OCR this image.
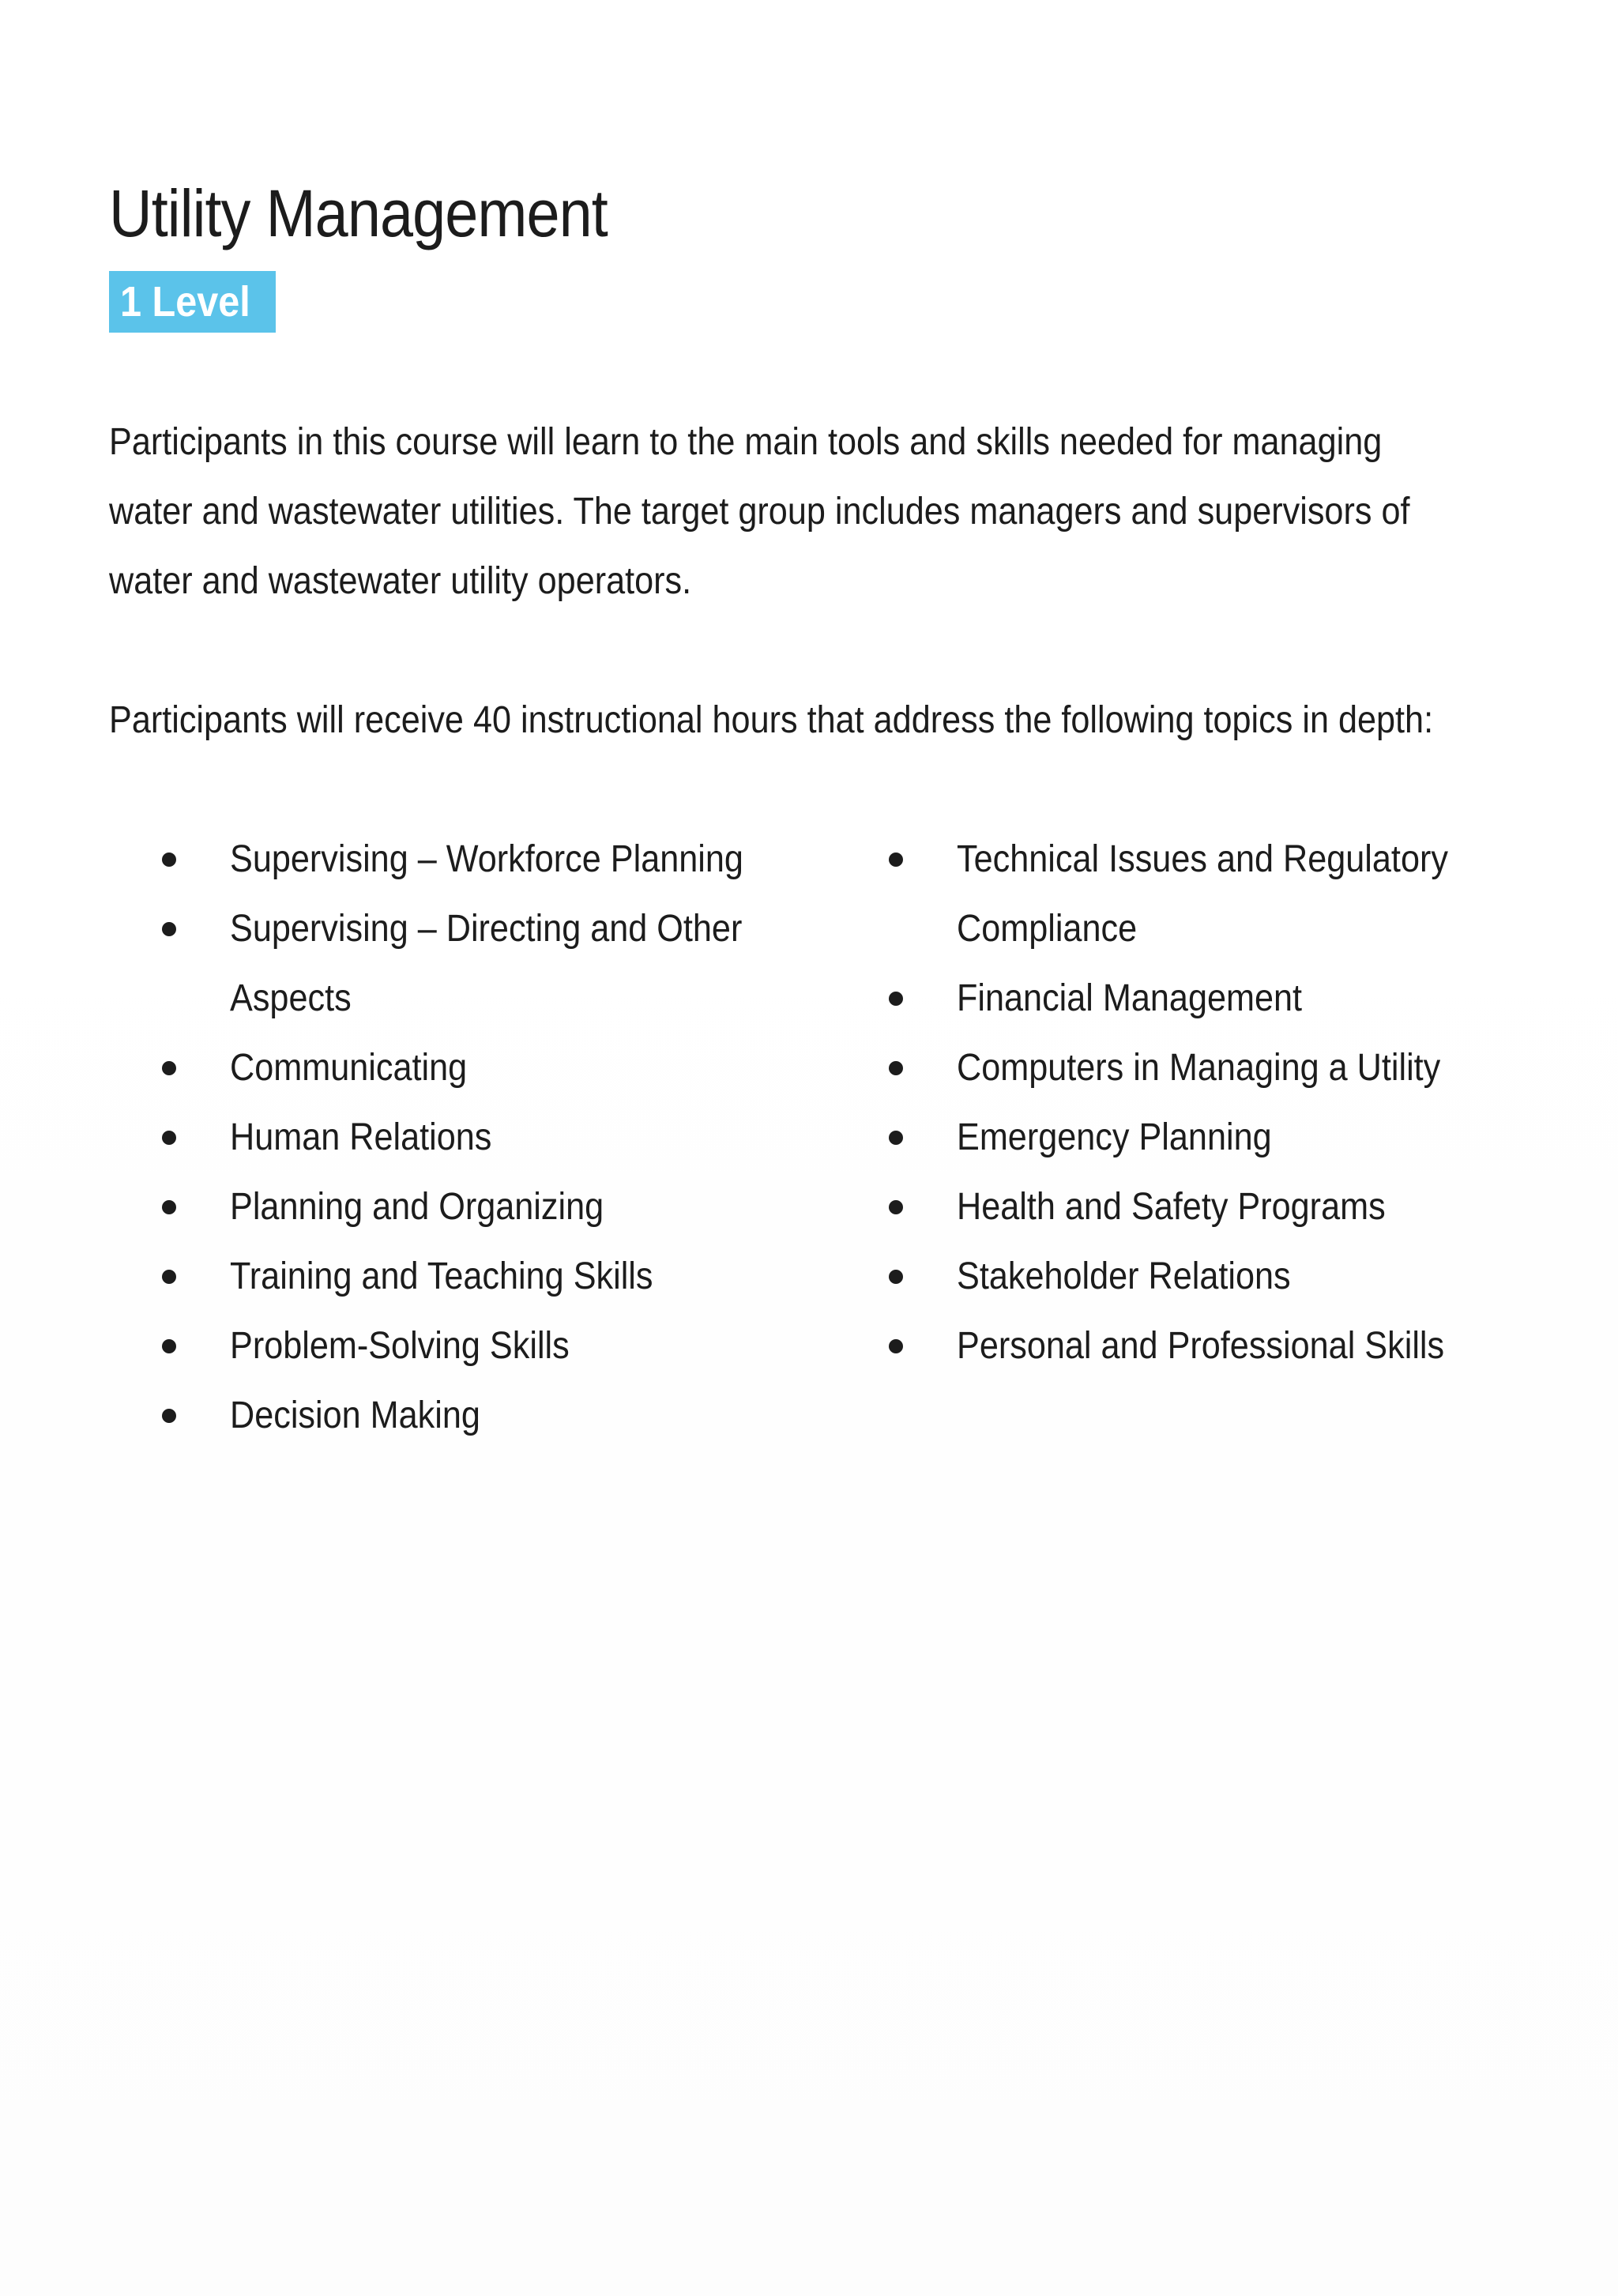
Utility Management
1 Level

Participants in this course will learn to the main tools and skills needed for managing
water and wastewater utilities. The target group includes managers and supervisors of
water and wastewater utility operators.

Participants will receive 40 instructional hours that address the following topics in depth:

Supervising – Workforce Planning
Supervising – Directing and Other
Aspects
Communicating
Human Relations
Planning and Organizing
Training and Teaching Skills
Problem-Solving Skills
Decision Making
Technical Issues and Regulatory
Compliance
Financial Management
Computers in Managing a Utility
Emergency Planning
Health and Safety Programs
Stakeholder Relations
Personal and Professional Skills
